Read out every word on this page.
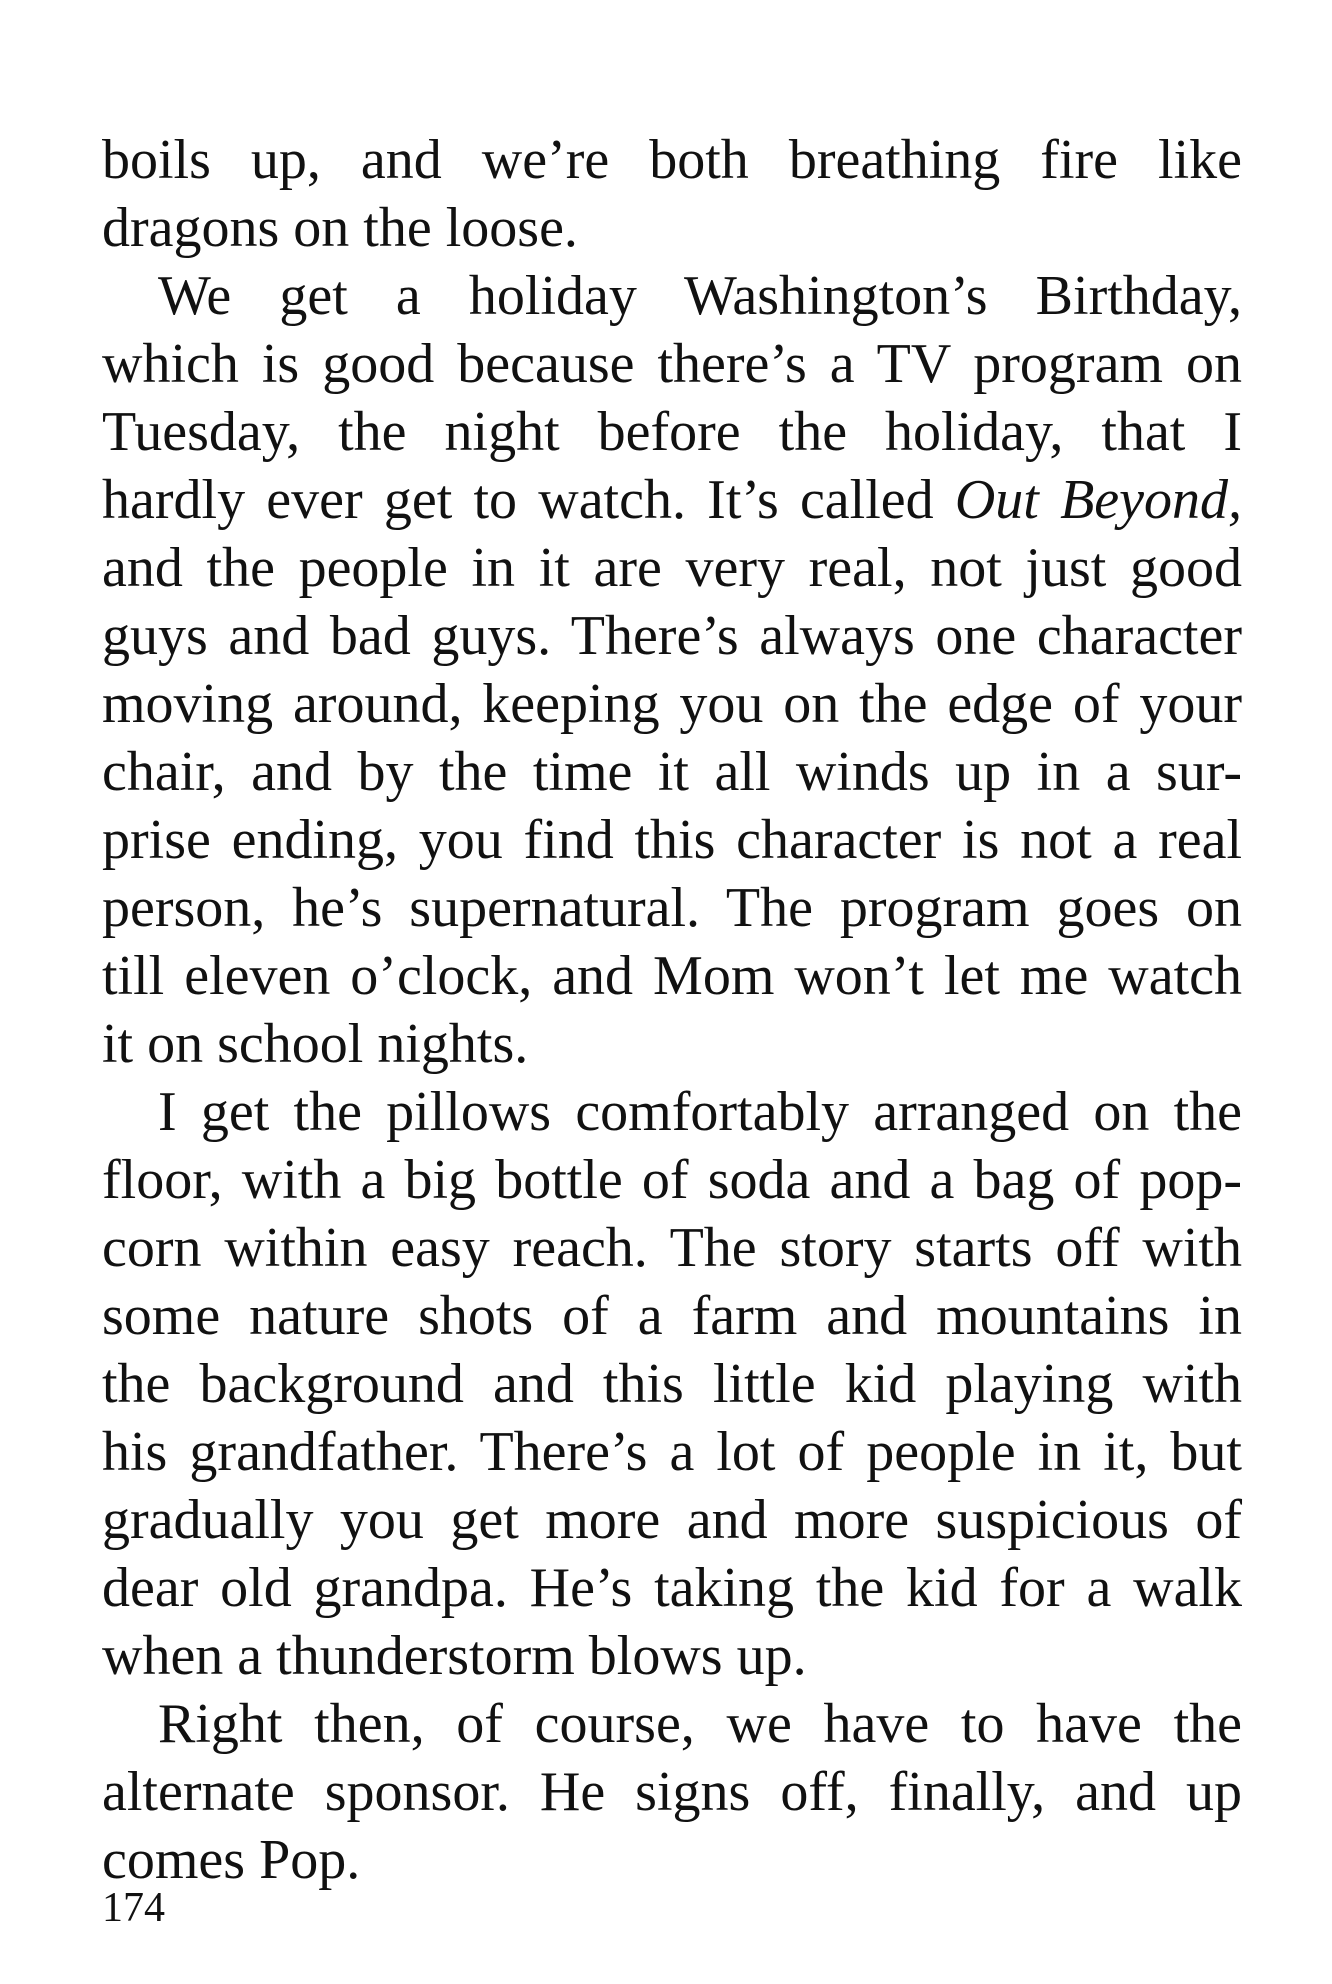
boils up, and we’re both breathing fire like
dragons on the loose.
We get a holiday Washington’s Birthday,
which is good because there’s a TV program on
Tuesday, the night before the holiday, that I
hardly ever get to watch. It’s called Out Beyond,
and the people in it are very real, not just good
guys and bad guys. There’s always one character
moving around, keeping you on the edge of your
chair, and by the time it all winds up in a sur-
prise ending, you find this character is not a real
person, he’s supernatural. The program goes on
till eleven o’clock, and Mom won’t let me watch
it on school nights.
I get the pillows comfortably arranged on the
floor, with a big bottle of soda and a bag of pop-
corn within easy reach. The story starts off with
some nature shots of a farm and mountains in
the background and this little kid playing with
his grandfather. There’s a lot of people in it, but
gradually you get more and more suspicious of
dear old grandpa. He’s taking the kid for a walk
when a thunderstorm blows up.
Right then, of course, we have to have the
alternate sponsor. He signs off, finally, and up
comes Pop.
174
